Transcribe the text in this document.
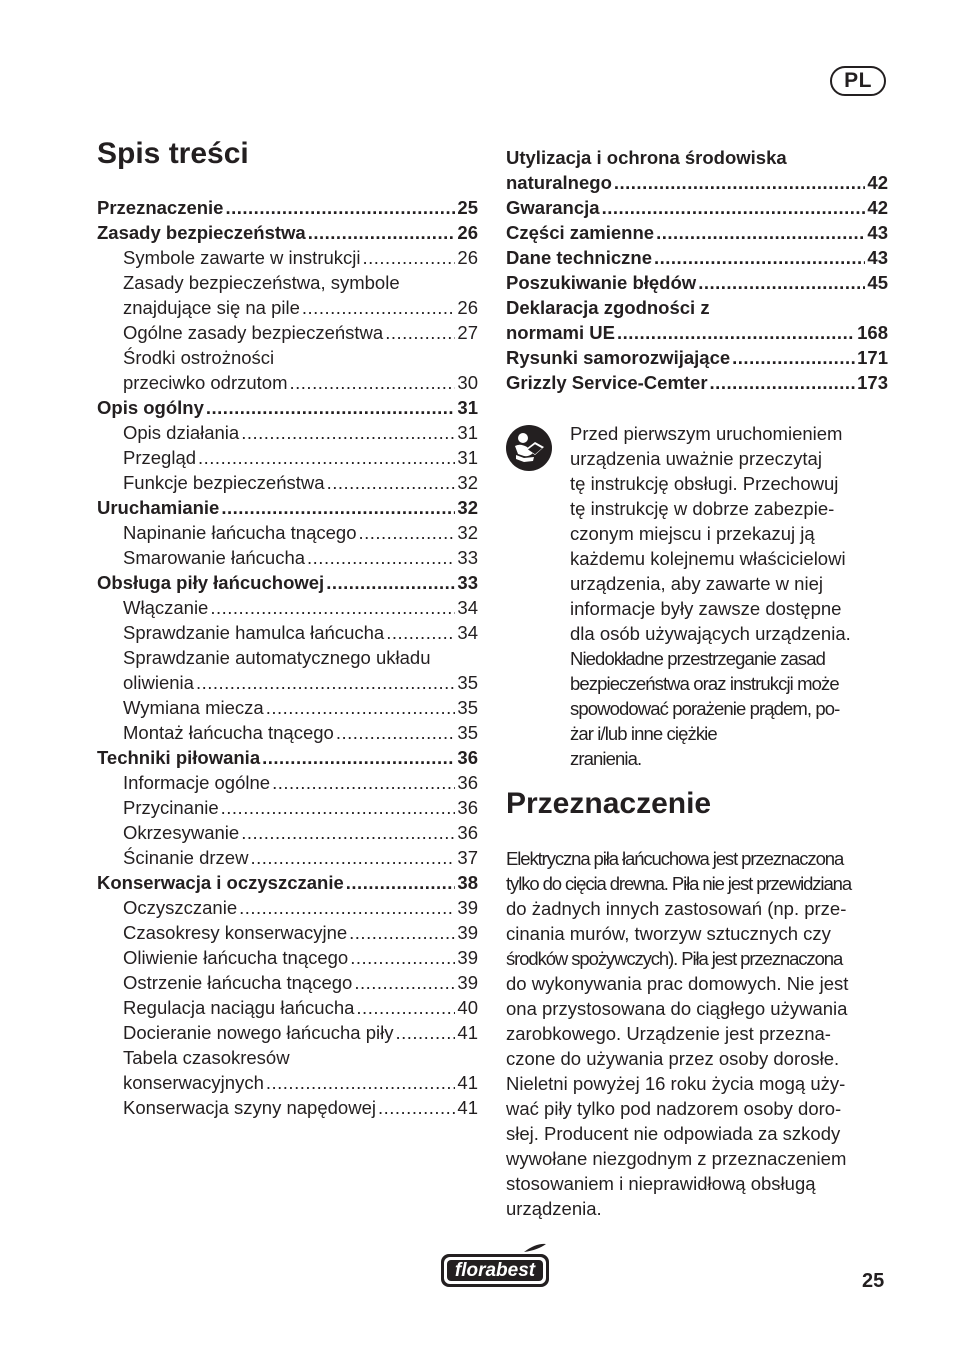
PL
Spis treści
Przeznaczenie .....	25
Zasady bezpieczeństwa .....	26
Symbole zawarte w instrukcji .....	26
Zasady bezpieczeństwa, symbole
znajdujące się na pile .....	26
Ogólne zasady bezpieczeństwa .....	27
Środki ostrożności
przeciwko odrzutom .....	30
Opis ogólny .....	31
Opis działania .....	31
Przegląd .....	31
Funkcje bezpieczeństwa .....	32
Uruchamianie .....	32
Napinanie łańcucha tnącego .....	32
Smarowanie łańcucha .....	33
Obsługa piły łańcuchowej .....	33
Włączanie .....	34
Sprawdzanie hamulca łańcucha .....	34
Sprawdzanie automatycznego układu
oliwienia .....	35
Wymiana miecza .....	35
Montaż łańcucha tnącego .....	35
Techniki piłowania .....	36
Informacje ogólne .....	36
Przycinanie .....	36
Okrzesywanie .....	36
Ścinanie drzew .....	37
Konserwacja i oczyszczanie .....	38
Oczyszczanie .....	39
Czasokresy konserwacyjne .....	39
Oliwienie łańcucha tnącego .....	39
Ostrzenie łańcucha tnącego .....	39
Regulacja naciągu łańcucha .....	40
Docieranie nowego łańcucha piły .....	41
Tabela czasokresów
konserwacyjnych .....	41
Konserwacja szyny napędowej .....	41
Utylizacja i ochrona środowiska
naturalnego .....	42
Gwarancja .....	42
Części zamienne .....	43
Dane techniczne .....	43
Poszukiwanie błędów .....	45
Deklaracja zgodności z
normami UE .....	168
Rysunki samorozwijające .....	171
Grizzly Service-Cemter .....	173
Przed pierwszym uruchomieniem
urządzenia uważnie przeczytaj
tę instrukcję obsługi. Przechowuj
tę instrukcję w dobrze zabezpie-
czonym miejscu i przekazuj ją
każdemu kolejnemu właścicielowi
urządzenia, aby zawarte w niej
informacje były zawsze dostępne
dla osób używających urządzenia.
Niedokładne przestrzeganie zasad
bezpieczeństwa oraz instrukcji może
spowodować porażenie prądem, po-
żar i/lub inne ciężkie
zranienia.
Przeznaczenie
Elektryczna piła łańcuchowa jest przeznaczona
tylko do cięcia drewna. Piła nie jest przewidziana
do żadnych innych zastosowań (np. prze-
cinania murów, tworzyw sztucznych czy
środków spożywczych). Piła jest przeznaczona
do wykonywania prac domowych. Nie jest
ona przystosowana do ciągłego używania
zarobkowego. Urządzenie jest przezna-
czone do używania przez osoby dorosłe.
Nieletni powyżej 16 roku życia mogą uży-
wać piły tylko pod nadzorem osoby doro-
słej. Producent nie odpowiada za szkody
wywołane niezgodnym z przeznaczeniem
stosowaniem i nieprawidłową obsługą
urządzenia.
florabest	25
